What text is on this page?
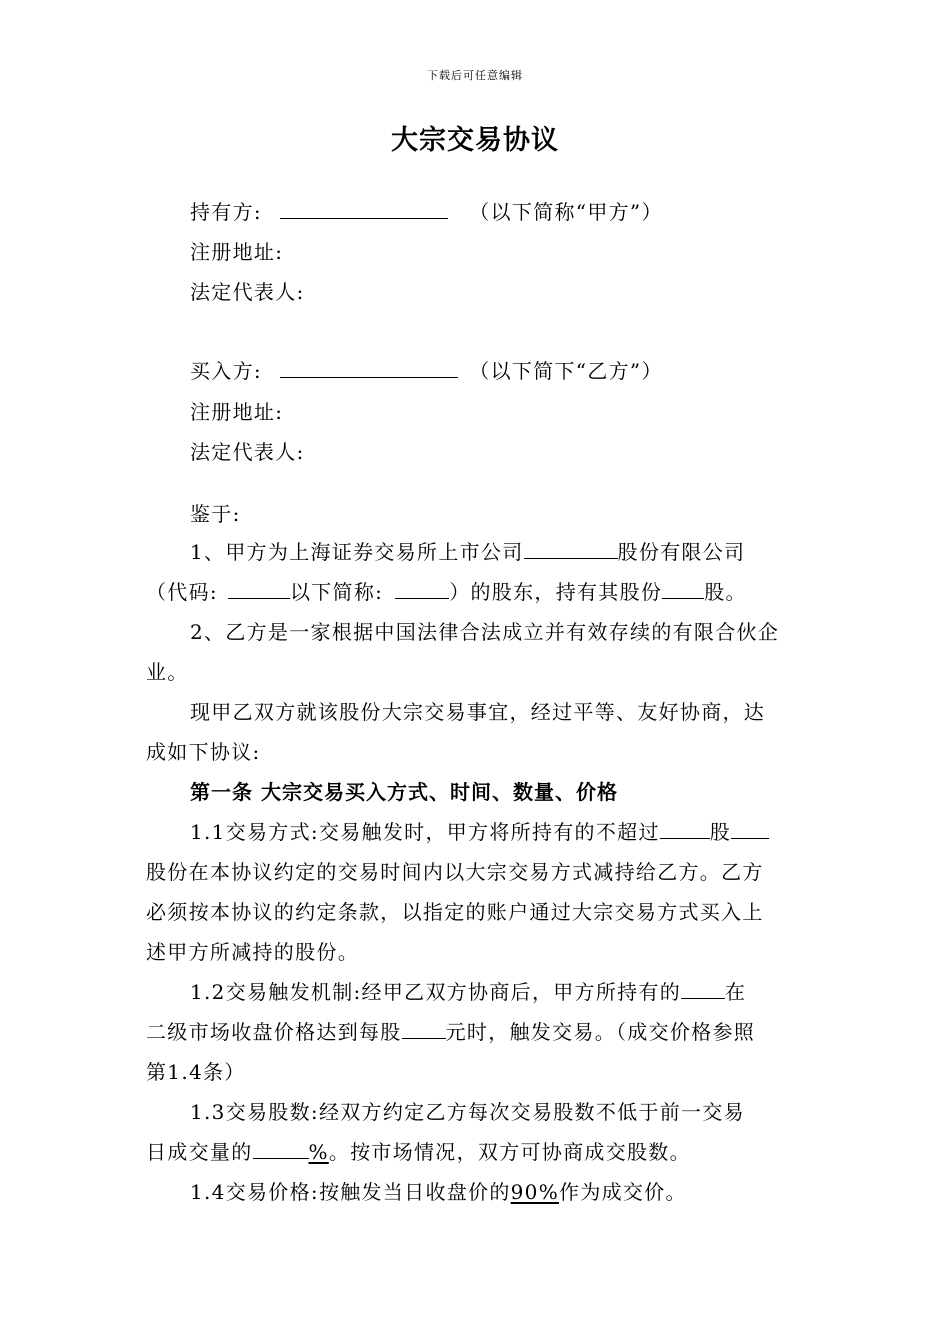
下载后可任意编辑
大宗交易协议
持有方:	（以下简称“甲方”）
注册地址:
法定代表人:
买入方:	（以下简下“乙方”）
注册地址:
法定代表人:
鉴于:
1、甲方为上海证券交易所上市公司	股份有限公司
（代码:	以下简称:	）的股东，持有其股份 股。
2、乙方是一家根据中国法律合法成立并有效存续的有限合伙企
业。
现甲乙双方就该股份大宗交易事宜，经过平等、友好协商，达
成如下协议:
第一条 大宗交易买入方式、时间、数量、价格
1.1交易方式:交易触发时，甲方将所持有的不超过	股
股份在本协议约定的交易时间内以大宗交易方式减持给乙方。乙方
必须按本协议的约定条款，以指定的账户通过大宗交易方式买入上
述甲方所减持的股份。
1.2交易触发机制:经甲乙双方协商后，甲方所持有的 在
二级市场收盘价格达到每股 元时，触发交易。（成交价格参照
第1.4条）
1.3交易股数:经双方约定乙方每次交易股数不低于前一交易
日成交量的	%。按市场情况，双方可协商成交股数。
1.4交易价格:按触发当日收盘价的90%作为成交价。
